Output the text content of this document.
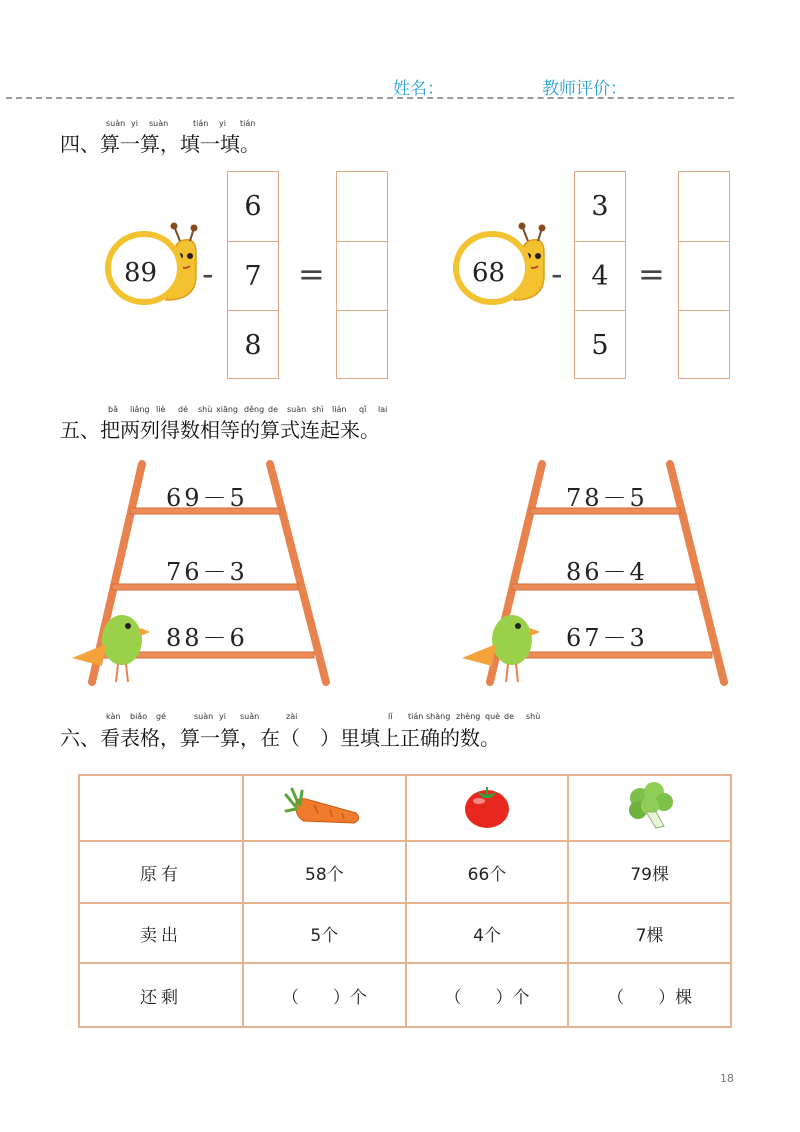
姓名：	教师评价：
suàn yi suàn	tián yi tián
四、算一算，填一填。
89 -
6
7
8
=	68 -
3
4
5
=
bǎ liǎng liè dé shù xiāng děng de suàn shì lián qǐ lai
五、把两列得数相等的算式连起来。
69－5
76－3
88－6
78－5
86－4
67－3
kàn biǎo gé	suàn yi suàn	zài	lǐ tián shàng zhèng què de shù
六、看表格，算一算，在（　）里填上正确的数。

原有	58个	66个	79棵
卖出	5个	4个	7棵
还剩	（　　）个	（　　）个	（　　）棵
18
